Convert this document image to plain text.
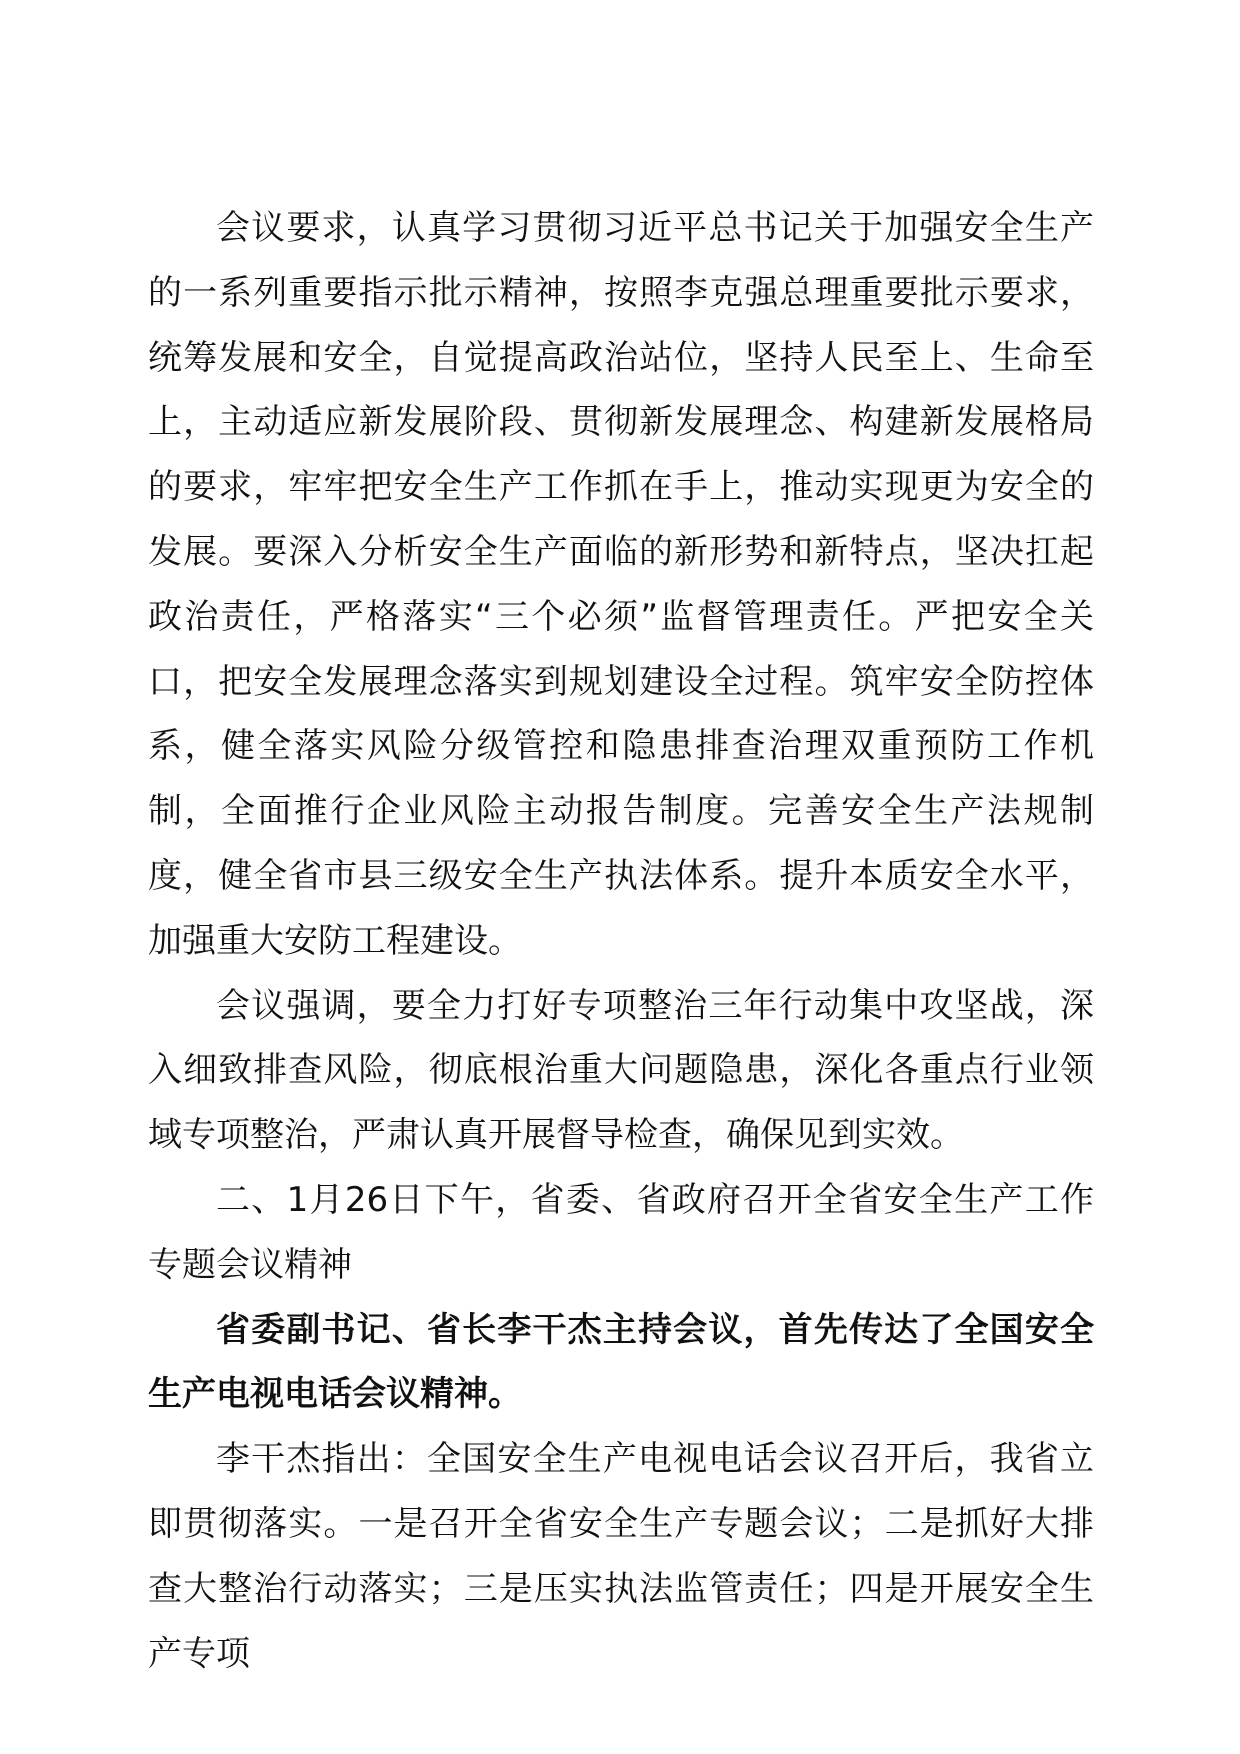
会议要求，认真学习贯彻习近平总书记关于加强安全生产的一系列重要指示批示精神，按照李克强总理重要批示要求，统筹发展和安全，自觉提高政治站位，坚持人民至上、生命至上，主动适应新发展阶段、贯彻新发展理念、构建新发展格局的要求，牢牢把安全生产工作抓在手上，推动实现更为安全的发展。要深入分析安全生产面临的新形势和新特点，坚决扛起政治责任，严格落实“三个必须”监督管理责任。严把安全关口，把安全发展理念落实到规划建设全过程。筑牢安全防控体系，健全落实风险分级管控和隐患排查治理双重预防工作机制，全面推行企业风险主动报告制度。完善安全生产法规制度，健全省市县三级安全生产执法体系。提升本质安全水平，加强重大安防工程建设。

会议强调，要全力打好专项整治三年行动集中攻坚战，深入细致排查风险，彻底根治重大问题隐患，深化各重点行业领域专项整治，严肃认真开展督导检查，确保见到实效。

二、1月26日下午，省委、省政府召开全省安全生产工作专题会议精神

省委副书记、省长李干杰主持会议，首先传达了全国安全生产电视电话会议精神。

李干杰指出：全国安全生产电视电话会议召开后，我省立即贯彻落实。一是召开全省安全生产专题会议；二是抓好大排查大整治行动落实；三是压实执法监管责任；四是开展安全生产专项
